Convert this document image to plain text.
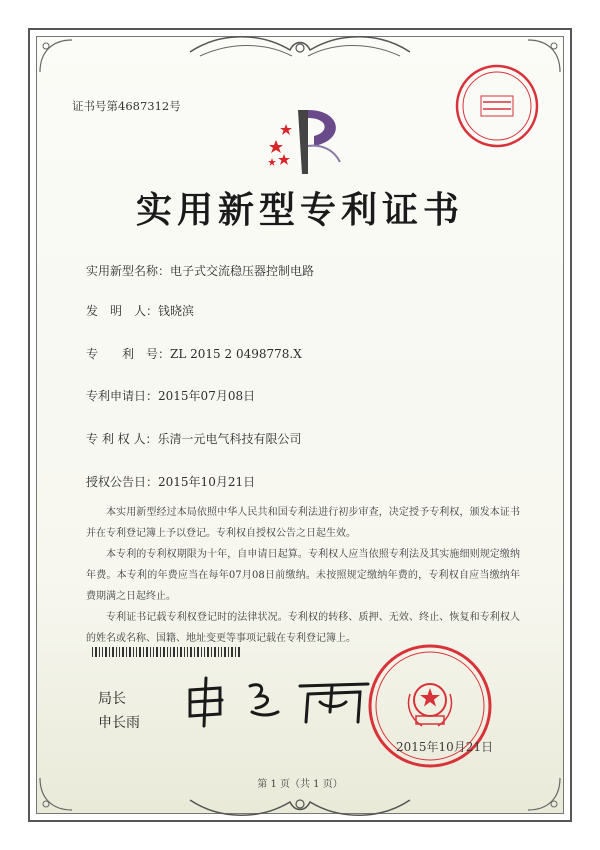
证书号第4687312号
实用新型专利证书
实用新型名称：电子式交流稳压器控制电路
发　明　人：钱晓滨
专　　利　号：ZL 2015 2 0498778.X
专利申请日：2015年07月08日
专 利 权 人：乐清一元电气科技有限公司
授权公告日：2015年10月21日

本实用新型经过本局依照中华人民共和国专利法进行初步审查，决定授予专利权，颁发本证书并在专利登记簿上予以登记。专利权自授权公告之日起生效。

本专利的专利权期限为十年，自申请日起算。专利权人应当依照专利法及其实施细则规定缴纳年费。本专利的年费应当在每年07月08日前缴纳。未按照规定缴纳年费的，专利权自应当缴纳年费期满之日起终止。

专利证书记载专利权登记时的法律状况。专利权的转移、质押、无效、终止、恢复和专利权人的姓名或名称、国籍、地址变更等事项记载在专利登记簿上。

局长
申长雨
2015年10月21日
第 1 页（共 1 页）
